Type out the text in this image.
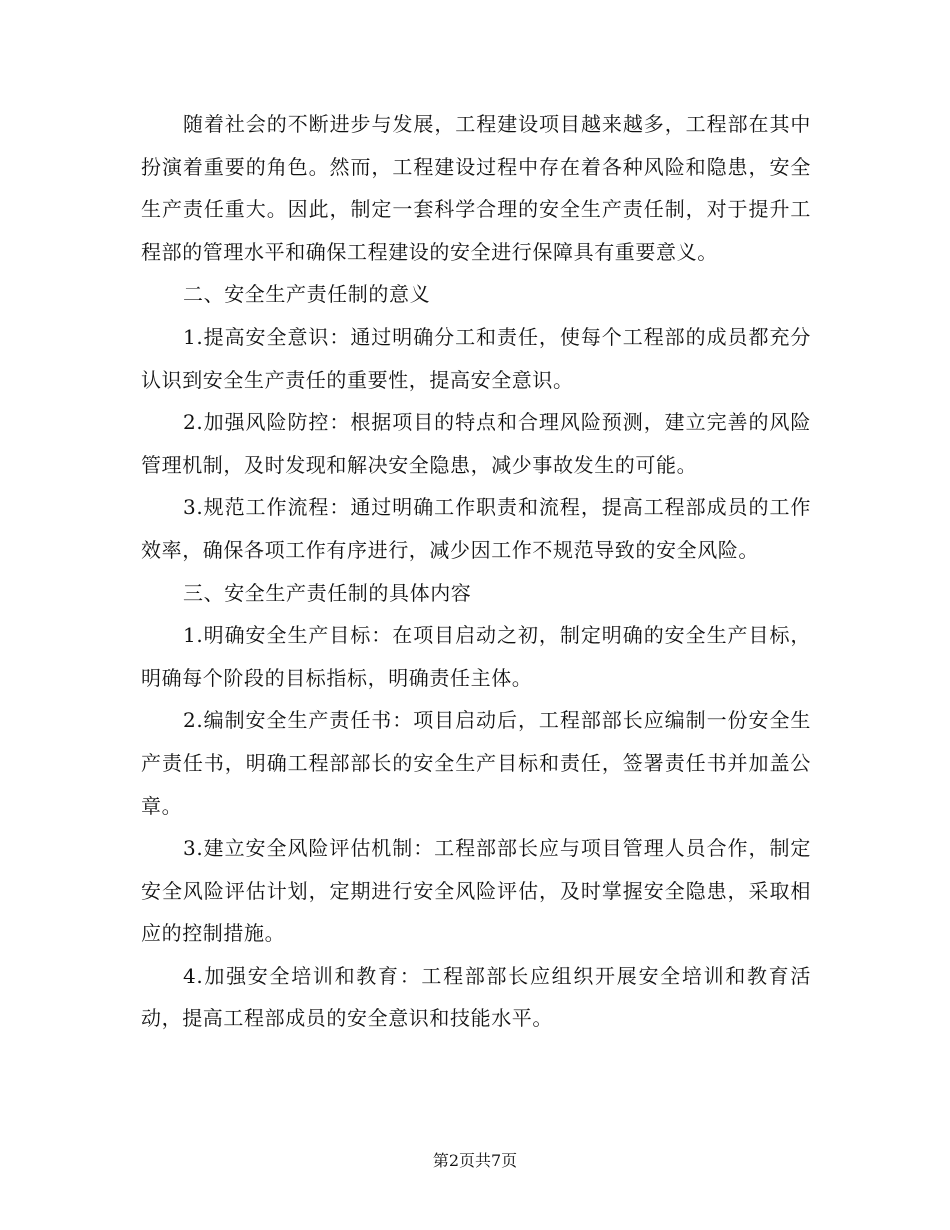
随着社会的不断进步与发展，工程建设项目越来越多，工程部在其中扮演着重要的角色。然而，工程建设过程中存在着各种风险和隐患，安全生产责任重大。因此，制定一套科学合理的安全生产责任制，对于提升工程部的管理水平和确保工程建设的安全进行保障具有重要意义。

二、安全生产责任制的意义

1.提高安全意识：通过明确分工和责任，使每个工程部的成员都充分认识到安全生产责任的重要性，提高安全意识。

2.加强风险防控：根据项目的特点和合理风险预测，建立完善的风险管理机制，及时发现和解决安全隐患，减少事故发生的可能。

3.规范工作流程：通过明确工作职责和流程，提高工程部成员的工作效率，确保各项工作有序进行，减少因工作不规范导致的安全风险。

三、安全生产责任制的具体内容

1.明确安全生产目标：在项目启动之初，制定明确的安全生产目标，明确每个阶段的目标指标，明确责任主体。

2.编制安全生产责任书：项目启动后，工程部部长应编制一份安全生产责任书，明确工程部部长的安全生产目标和责任，签署责任书并加盖公章。

3.建立安全风险评估机制：工程部部长应与项目管理人员合作，制定安全风险评估计划，定期进行安全风险评估，及时掌握安全隐患，采取相应的控制措施。

4.加强安全培训和教育：工程部部长应组织开展安全培训和教育活动，提高工程部成员的安全意识和技能水平。

第2页共7页
